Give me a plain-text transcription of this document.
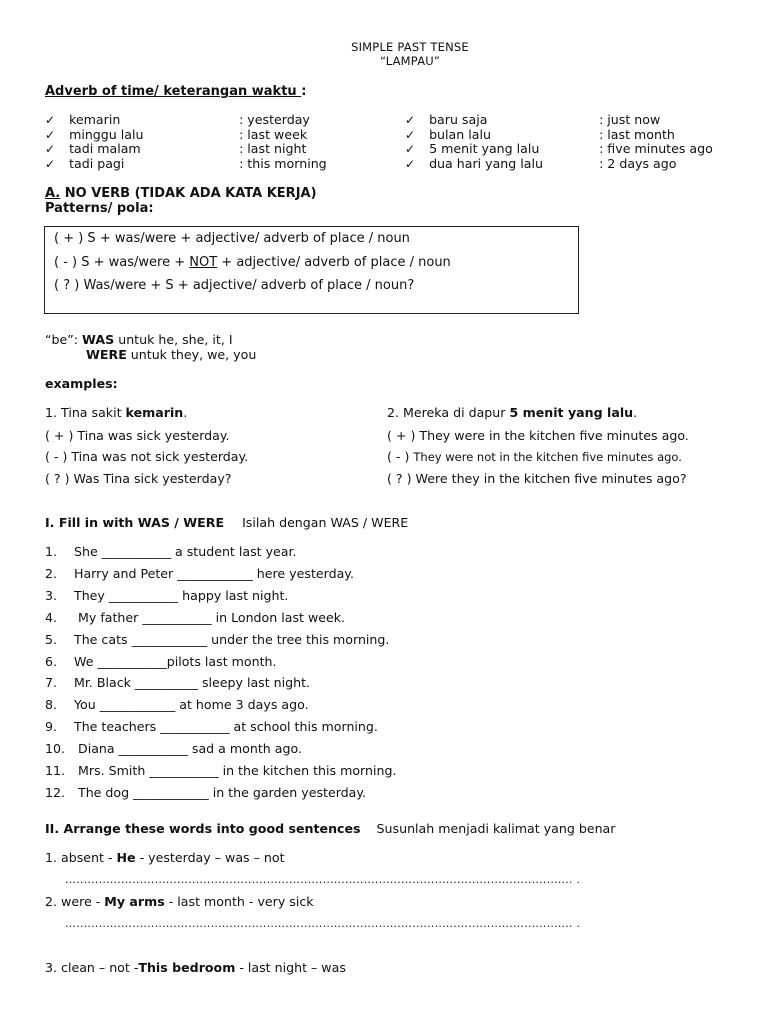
SIMPLE PAST TENSE
“LAMPAU”
Adverb of time/ keterangan waktu :
✓ kemarin	: yesterday
✓ minggu lalu	: last week
✓ tadi malam	: last night
✓ tadi pagi	: this morning
✓ baru saja	: just now
✓ bulan lalu	: last month
✓ 5 menit yang lalu	: five minutes ago
✓ dua hari yang lalu	: 2 days ago
A. NO VERB (TIDAK ADA KATA KERJA)
Patterns/ pola:
( + ) S + was/were + adjective/ adverb of place / noun
( - ) S + was/were + NOT + adjective/ adverb of place / noun
( ? ) Was/were + S + adjective/ adverb of place / noun?
“be”: WAS untuk he, she, it, I
WERE untuk they, we, you
examples:
1. Tina sakit kemarin.
( + ) Tina was sick yesterday.
( - ) Tina was not sick yesterday.
( ? ) Was Tina sick yesterday?
2. Mereka di dapur 5 menit yang lalu.
( + ) They were in the kitchen five minutes ago.
( - ) They were not in the kitchen five minutes ago.
( ? ) Were they in the kitchen five minutes ago?
I. Fill in with WAS / WERE Isilah dengan WAS / WERE
1. She ___________ a student last year.
2. Harry and Peter ____________ here yesterday.
3. They ___________ happy last night.
4. My father ___________ in London last week.
5. The cats ____________ under the tree this morning.
6. We ___________pilots last month.
7. Mr. Black __________ sleepy last night.
8. You ____________ at home 3 days ago.
9. The teachers ___________ at school this morning.
10. Diana ___________ sad a month ago.
11. Mrs. Smith ___________ in the kitchen this morning.
12. The dog ____________ in the garden yesterday.
II. Arrange these words into good sentences Susunlah menjadi kalimat yang benar
1. absent - He - yesterday – was – not
………………………………………………………………………………………………………………………. .
2. were - My arms - last month - very sick
………………………………………………………………………………………………………………………. .
3. clean – not -This bedroom - last night – was
